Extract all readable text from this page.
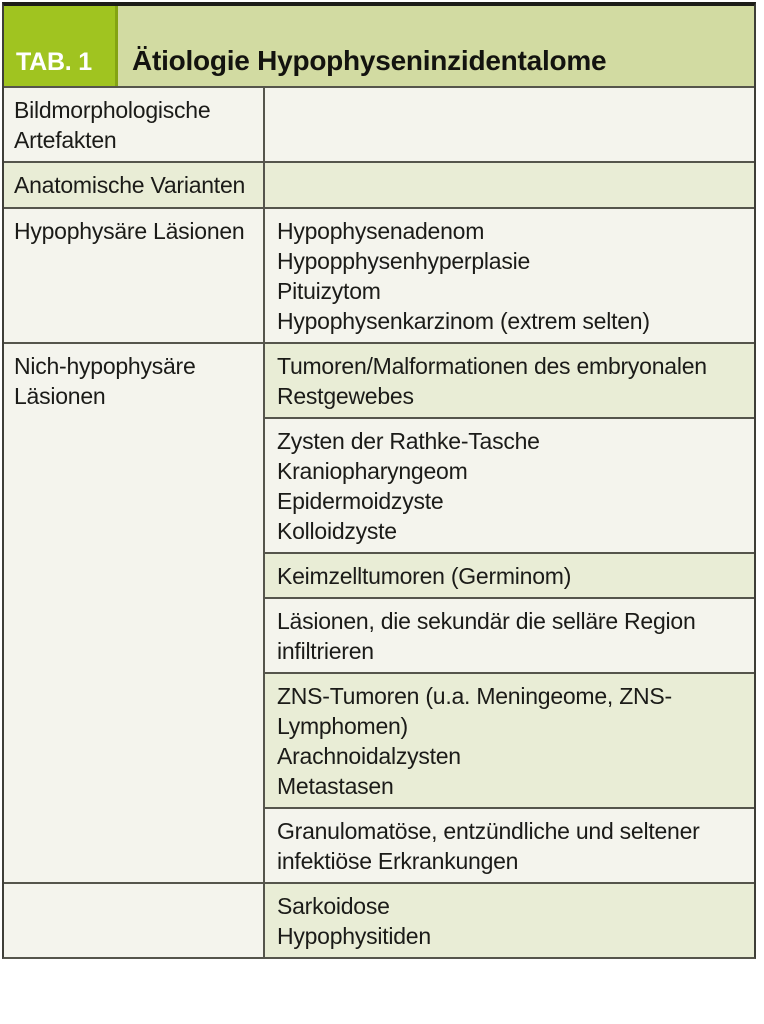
TAB. 1	Ätiologie Hypophyseninzidentalome
Bildmorphologische Artefakten
Anatomische Varianten
Hypophysäre Läsionen	Hypophysenadenom
Hypopphysenhyperplasie
Pituizytom
Hypophysenkarzinom (extrem selten)
Nich-hypophysäre Läsionen
Tumoren/Malformationen des embryonalen Restgewebes
Zysten der Rathke-Tasche
Kraniopharyngeom
Epidermoidzyste
Kolloidzyste
Keimzelltumoren (Germinom)
Läsionen, die sekundär die selläre Region infiltrieren
ZNS-Tumoren (u.a. Meningeome, ZNS-Lymphomen)
Arachnoidalzysten
Metastasen
Granulomatöse, entzündliche und seltener infektiöse Erkrankungen
Sarkoidose
Hypophysitiden
